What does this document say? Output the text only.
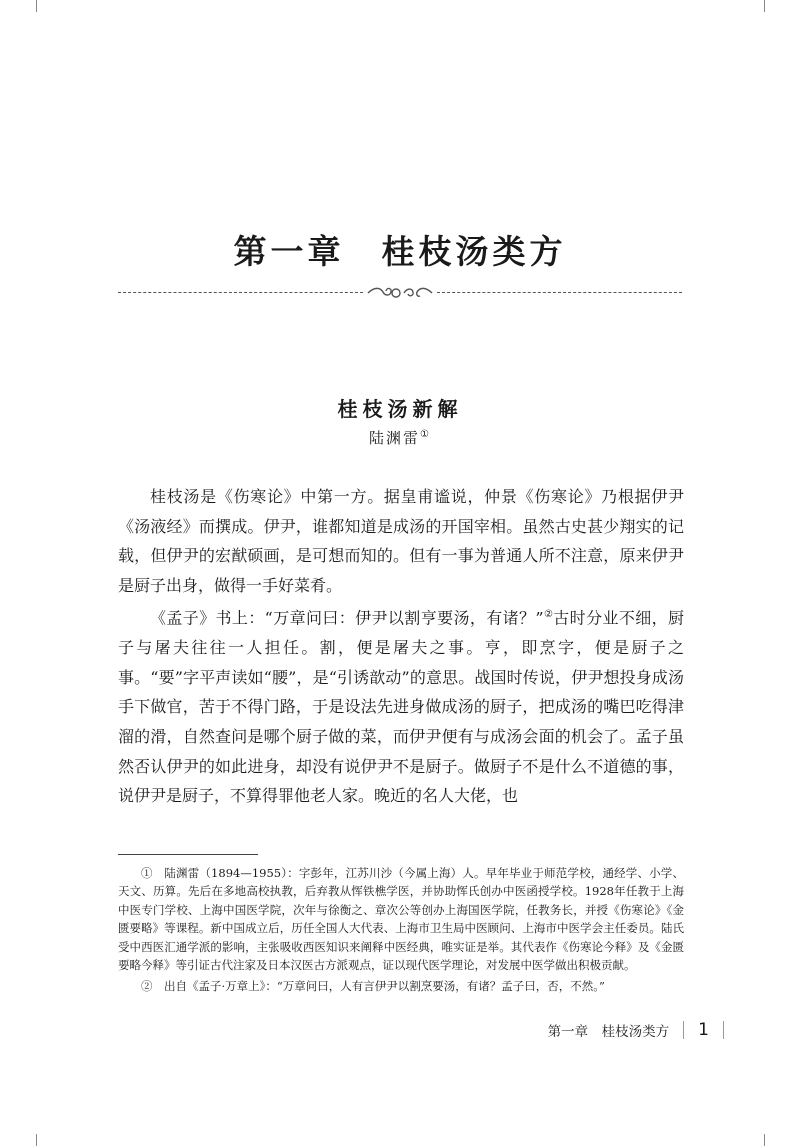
第一章　桂枝汤类方
桂枝汤新解
陆渊雷①

桂枝汤是《伤寒论》中第一方。据皇甫谧说，仲景《伤寒论》乃根据伊尹《汤液经》而撰成。伊尹，谁都知道是成汤的开国宰相。虽然古史甚少翔实的记载，但伊尹的宏猷硕画，是可想而知的。但有一事为普通人所不注意，原来伊尹是厨子出身，做得一手好菜肴。

《孟子》书上：“万章问曰：伊尹以割亨要汤，有诸？”②古时分业不细，厨子与屠夫往往一人担任。割，便是屠夫之事。亨，即烹字，便是厨子之事。“要”字平声读如“腰”，是“引诱歆动”的意思。战国时传说，伊尹想投身成汤手下做官，苦于不得门路，于是设法先进身做成汤的厨子，把成汤的嘴巴吃得津溜的滑，自然查问是哪个厨子做的菜，而伊尹便有与成汤会面的机会了。孟子虽然否认伊尹的如此进身，却没有说伊尹不是厨子。做厨子不是什么不道德的事，说伊尹是厨子，不算得罪他老人家。晚近的名人大佬，也

①　陆渊雷（1894—1955）：字彭年，江苏川沙（今属上海）人。早年毕业于师范学校，通经学、小学、天文、历算。先后在多地高校执教，后弃教从恽铁樵学医，并协助恽氏创办中医函授学校。1928年任教于上海中医专门学校、上海中国医学院，次年与徐衡之、章次公等创办上海国医学院，任教务长，并授《伤寒论》《金匮要略》等课程。新中国成立后，历任全国人大代表、上海市卫生局中医顾问、上海市中医学会主任委员。陆氏受中西医汇通学派的影响，主张吸收西医知识来阐释中医经典，唯实证是举。其代表作《伤寒论今释》及《金匮要略今释》等引证古代注家及日本汉医古方派观点，证以现代医学理论，对发展中医学做出积极贡献。

②　出自《孟子·万章上》：“万章问曰，人有言伊尹以割烹要汤，有诸？孟子曰，否，不然。”

第一章　桂枝汤类方 1
